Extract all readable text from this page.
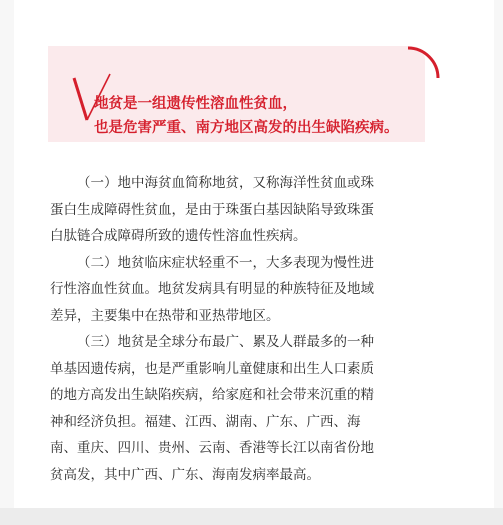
地贫是一组遗传性溶血性贫血，
也是危害严重、南方地区高发的出生缺陷疾病。
（一）地中海贫血简称地贫，又称海洋性贫血或珠
蛋白生成障碍性贫血，是由于珠蛋白基因缺陷导致珠蛋
白肽链合成障碍所致的遗传性溶血性疾病。
（二）地贫临床症状轻重不一，大多表现为慢性进
行性溶血性贫血。地贫发病具有明显的种族特征及地域
差异，主要集中在热带和亚热带地区。
（三）地贫是全球分布最广、累及人群最多的一种
单基因遗传病，也是严重影响儿童健康和出生人口素质
的地方高发出生缺陷疾病，给家庭和社会带来沉重的精
神和经济负担。福建、江西、湖南、广东、广西、海
南、重庆、四川、贵州、云南、香港等长江以南省份地
贫高发，其中广西、广东、海南发病率最高。
